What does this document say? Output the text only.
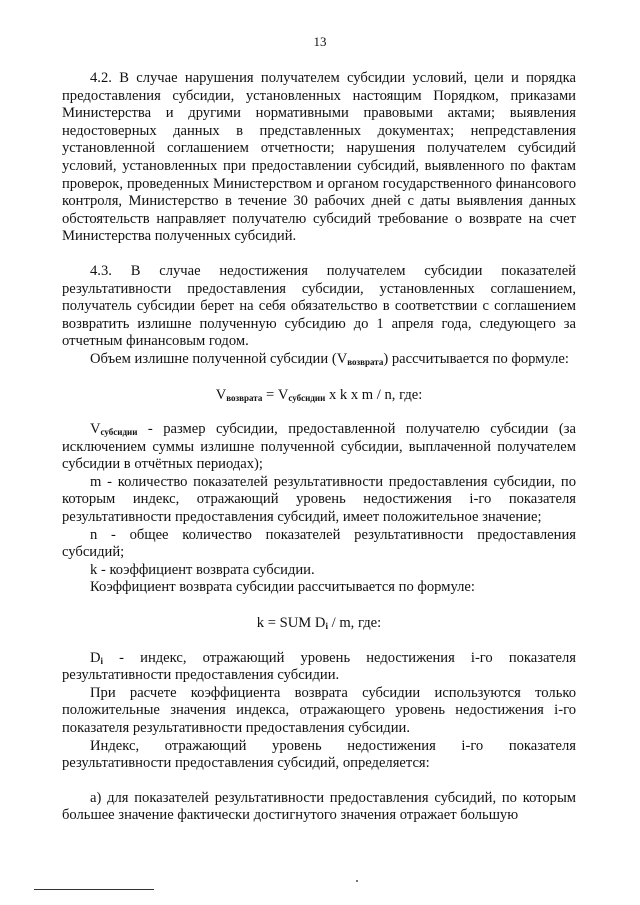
13

4.2. В случае нарушения получателем субсидии условий, цели и порядка предоставления субсидии, установленных настоящим Порядком, приказами Министерства и другими нормативными правовыми актами; выявления недостоверных данных в представленных документах; непредставления установленной соглашением отчетности; нарушения получателем субсидий условий, установленных при предоставлении субсидий, выявленного по фактам проверок, проведенных Министерством и органом государственного финансового контроля, Министерство в течение 30 рабочих дней с даты выявления данных обстоятельств направляет получателю субсидий требование о возврате на счет Министерства полученных субсидий.

4.3. В случае недостижения получателем субсидии показателей результативности предоставления субсидии, установленных соглашением, получатель субсидии берет на себя обязательство в соответствии с соглашением возвратить излишне полученную субсидию до 1 апреля года, следующего за отчетным финансовым годом.

Объем излишне полученной субсидии $(V_{возврата})$ рассчитывается по формуле:

$V_{возврата} = V_{субсидии}$ x k x m / n, где:

$V_{субсидии}$ - размер субсидии, предоставленной получателю субсидии (за исключением суммы излишне полученной субсидии, выплаченной получателем субсидии в отчётных периодах);

m - количество показателей результативности предоставления субсидии, по которым индекс, отражающий уровень недостижения i-го показателя результативности предоставления субсидий, имеет положительное значение;

n - общее количество показателей результативности предоставления субсидий;

k - коэффициент возврата субсидии.

Коэффициент возврата субсидии рассчитывается по формуле:

k = SUM $D_i$ / m, где:

$D_i$ - индекс, отражающий уровень недостижения i-го показателя результативности предоставления субсидии.

При расчете коэффициента возврата субсидии используются только положительные значения индекса, отражающего уровень недостижения i-го показателя результативности предоставления субсидии.

Индекс, отражающий уровень недостижения i-го показателя результативности предоставления субсидий, определяется:

а) для показателей результативности предоставления субсидий, по которым большее значение фактически достигнутого значения отражает большую
